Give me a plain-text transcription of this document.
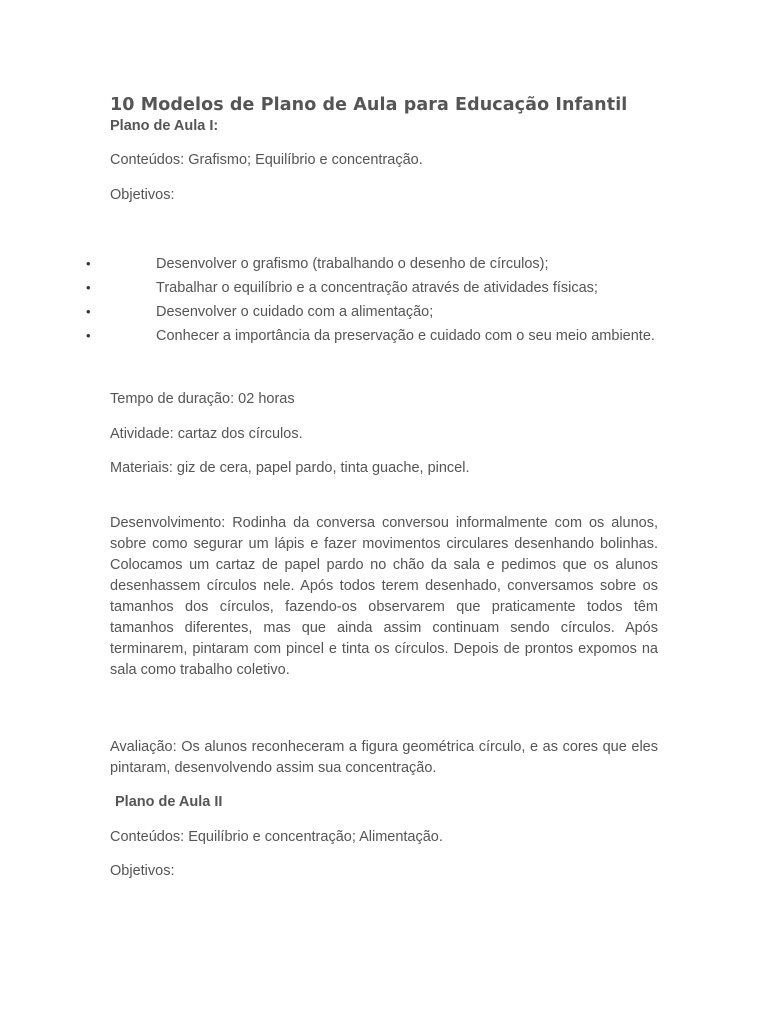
10 Modelos de Plano de Aula para Educação Infantil
Plano de Aula I:
Conteúdos: Grafismo; Equilíbrio e concentração.
Objetivos:
•	Desenvolver o grafismo (trabalhando o desenho de círculos);
•	Trabalhar o equilíbrio e a concentração através de atividades físicas;
•	Desenvolver o cuidado com a alimentação;
•	Conhecer a importância da preservação e cuidado com o seu meio ambiente.
Tempo de duração: 02 horas
Atividade: cartaz dos círculos.
Materiais: giz de cera, papel pardo, tinta guache, pincel.
Desenvolvimento: Rodinha da conversa conversou informalmente com os alunos, sobre como segurar um lápis e fazer movimentos circulares desenhando bolinhas. Colocamos um cartaz de papel pardo no chão da sala e pedimos que os alunos desenhassem círculos nele. Após todos terem desenhado, conversamos sobre os tamanhos dos círculos, fazendo-os observarem que praticamente todos têm tamanhos diferentes, mas que ainda assim continuam sendo círculos. Após terminarem, pintaram com pincel e tinta os círculos. Depois de prontos expomos na sala como trabalho coletivo.
Avaliação: Os alunos reconheceram a figura geométrica círculo, e as cores que eles pintaram, desenvolvendo assim sua concentração.
Plano de Aula II
Conteúdos: Equilíbrio e concentração; Alimentação.
Objetivos:
